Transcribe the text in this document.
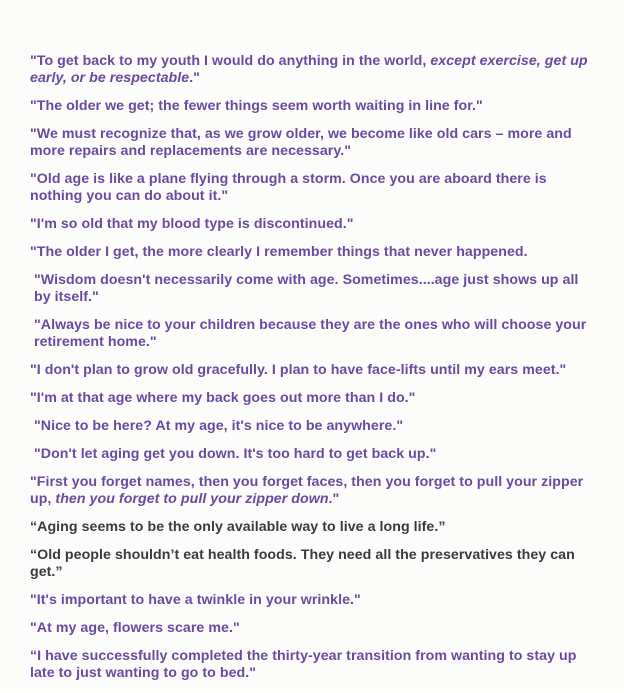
"To get back to my youth I would do anything in the world, except exercise, get up early, or be respectable."
"The older we get; the fewer things seem worth waiting in line for."
"We must recognize that, as we grow older, we become like old cars – more and more repairs and replacements are necessary."
"Old age is like a plane flying through a storm. Once you are aboard there is nothing you can do about it."
"I'm so old that my blood type is discontinued."
"The older I get, the more clearly I remember things that never happened.
"Wisdom doesn't necessarily come with age. Sometimes....age just shows up all by itself."
"Always be nice to your children because they are the ones who will choose your retirement home."
"I don't plan to grow old gracefully. I plan to have face-lifts until my ears meet."
"I'm at that age where my back goes out more than I do."
"Nice to be here? At my age, it's nice to be anywhere."
"Don't let aging get you down. It's too hard to get back up."
"First you forget names, then you forget faces, then you forget to pull your zipper up, then you forget to pull your zipper down."
“Aging seems to be the only available way to live a long life.”
“Old people shouldn’t eat health foods. They need all the preservatives they can get.”
"It's important to have a twinkle in your wrinkle."
"At my age, flowers scare me."
“I have successfully completed the thirty-year transition from wanting to stay up late to just wanting to go to bed."
